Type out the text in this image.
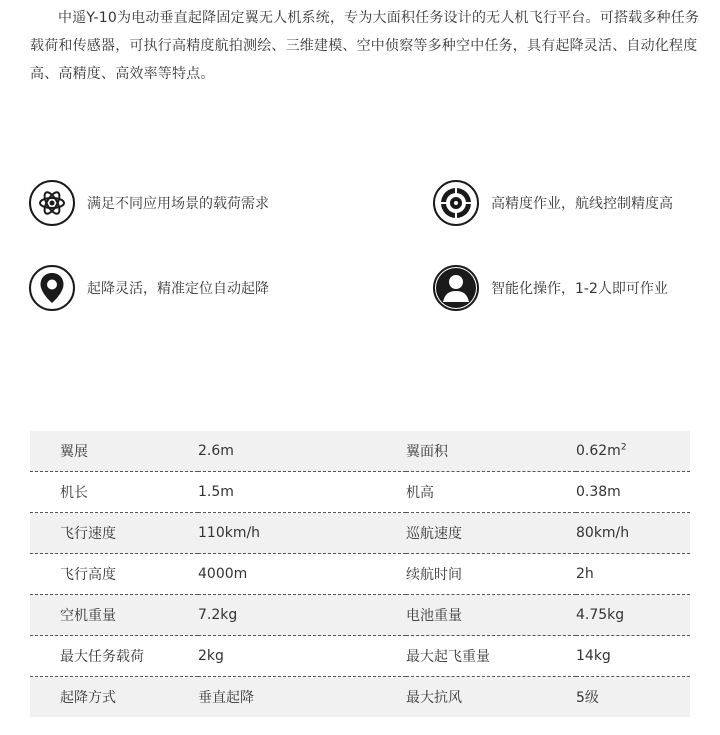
中遥Y-10为电动垂直起降固定翼无人机系统，专为大面积任务设计的无人机飞行平台。可搭载多种任务载荷和传感器，可执行高精度航拍测绘、三维建模、空中侦察等多种空中任务，具有起降灵活、自动化程度高、高精度、高效率等特点。

满足不同应用场景的载荷需求	高精度作业，航线控制精度高
起降灵活，精准定位自动起降	智能化操作，1-2人即可作业
翼展	2.6m	翼面积	$0.62m^2$
机长	1.5m	机高	0.38m
飞行速度	110km/h	巡航速度	80km/h
飞行高度	4000m	续航时间	2h
空机重量	7.2kg	电池重量	4.75kg
最大任务载荷	2kg	最大起飞重量	14kg
起降方式	垂直起降	最大抗风	5级
